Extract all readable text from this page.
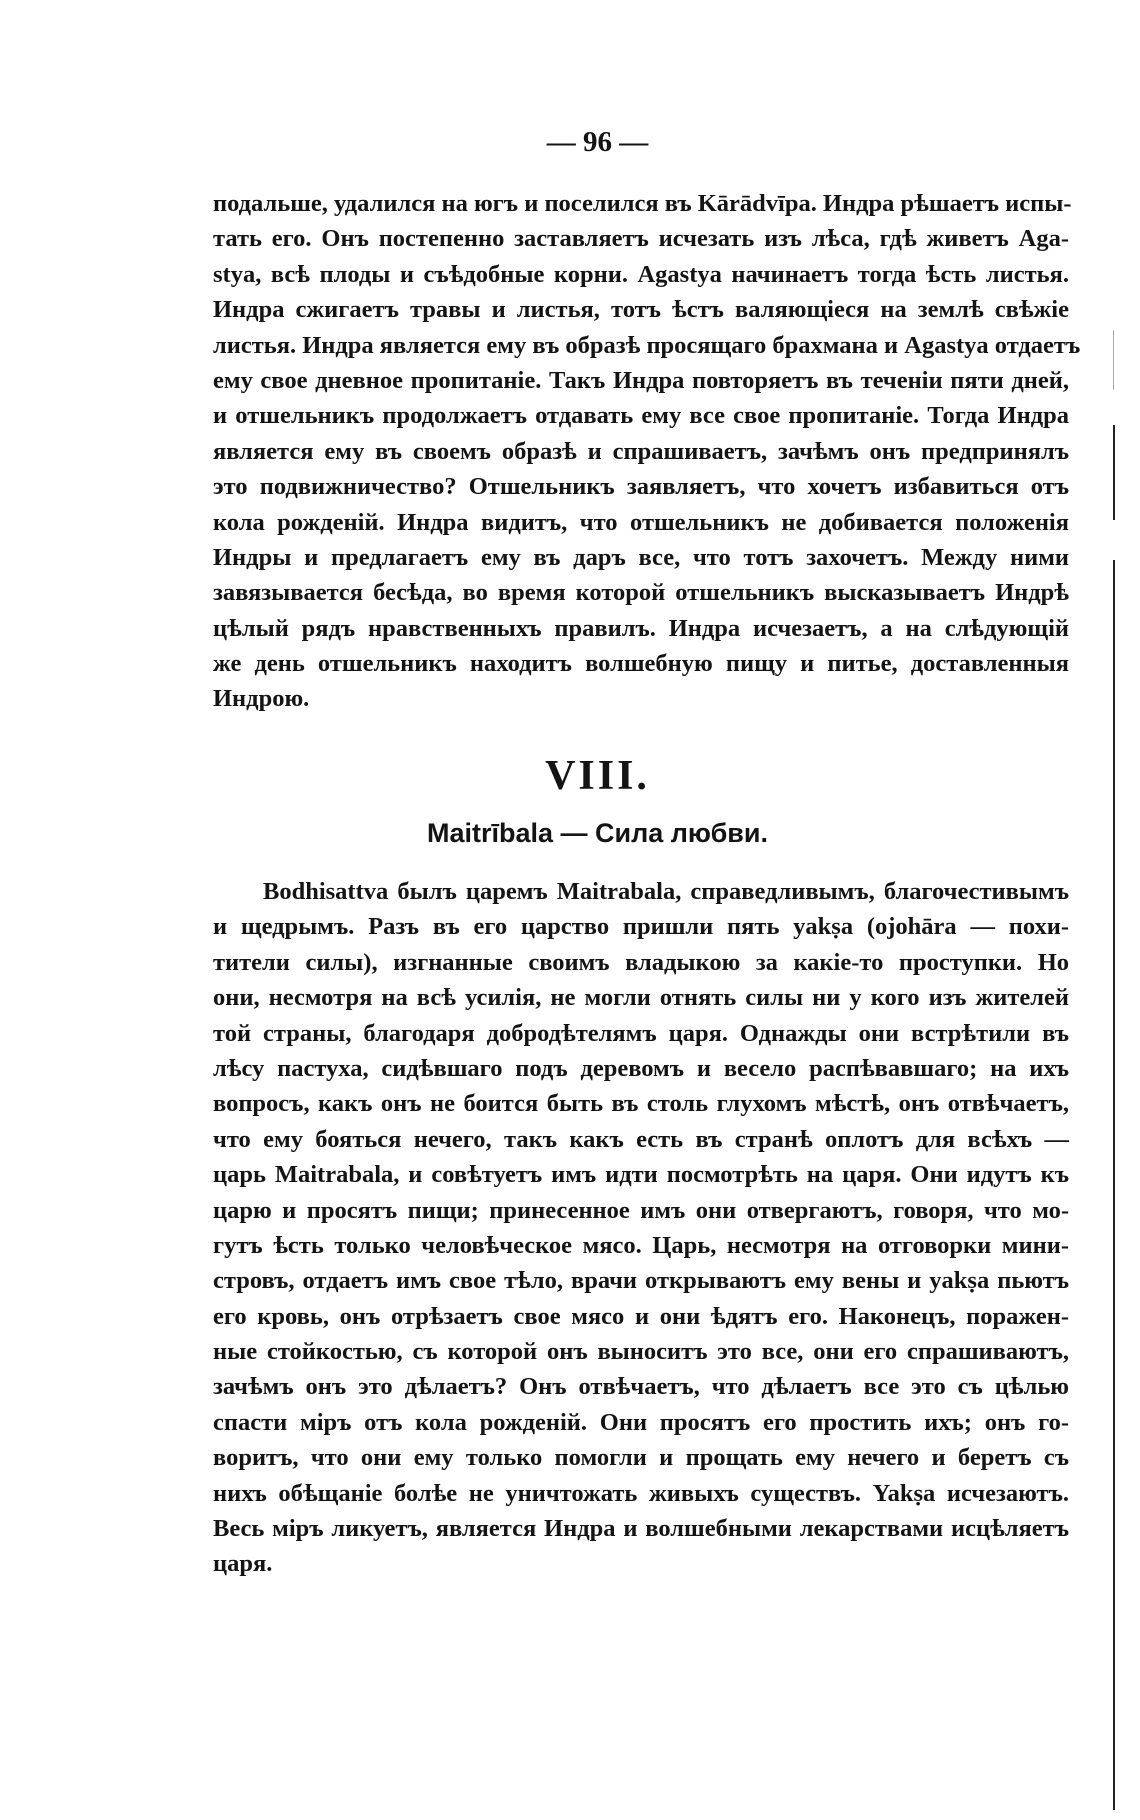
— 96 —
подальше, удалился на югъ и поселился въ Kārādvīpa. Индра рѣшаетъ испы-
тать его. Онъ постепенно заставляетъ исчезать изъ лѣса, гдѣ живетъ Aga-
stya, всѣ плоды и съѣдобные корни. Agastya начинаетъ тогда ѣсть листья.
Индра сжигаетъ травы и листья, тотъ ѣстъ валяющіеся на землѣ свѣжіе
листья. Индра является ему въ образѣ просящаго брахмана и Agastya отдаетъ
ему свое дневное пропитаніе. Такъ Индра повторяетъ въ теченіи пяти дней,
и отшельникъ продолжаетъ отдавать ему все свое пропитаніе. Тогда Индра
является ему въ своемъ образѣ и спрашиваетъ, зачѣмъ онъ предпринялъ
это подвижничество? Отшельникъ заявляетъ, что хочетъ избавиться отъ
кола рожденій. Индра видитъ, что отшельникъ не добивается положенія
Индры и предлагаетъ ему въ даръ все, что тотъ захочетъ. Между ними
завязывается бесѣда, во время которой отшельникъ высказываетъ Индрѣ
цѣлый рядъ нравственныхъ правилъ. Индра исчезаетъ, а на слѣдующій
же день отшельникъ находитъ волшебную пищу и питье, доставленныя
Индрою.
VIII.
Maitrībala — Сила любви.
Bodhisattva былъ царемъ Maitrabala, справедливымъ, благочестивымъ
и щедрымъ. Разъ въ его царство пришли пять yakṣa (ojohāra — похи-
тители силы), изгнанные своимъ владыкою за какіе-то проступки. Но
они, несмотря на всѣ усилія, не могли отнять силы ни у кого изъ жителей
той страны, благодаря добродѣтелямъ царя. Однажды они встрѣтили въ
лѣсу пастуха, сидѣвшаго подъ деревомъ и весело распѣвавшаго; на ихъ
вопросъ, какъ онъ не боится быть въ столь глухомъ мѣстѣ, онъ отвѣчаетъ,
что ему бояться нечего, такъ какъ есть въ странѣ оплотъ для всѣхъ —
царь Maitrabala, и совѣтуетъ имъ идти посмотрѣть на царя. Они идутъ къ
царю и просятъ пищи; принесенное имъ они отвергаютъ, говоря, что мо-
гутъ ѣсть только человѣческое мясо. Царь, несмотря на отговорки мини-
стровъ, отдаетъ имъ свое тѣло, врачи открываютъ ему вены и yakṣa пьютъ
его кровь, онъ отрѣзаетъ свое мясо и они ѣдятъ его. Наконецъ, поражен-
ные стойкостью, съ которой онъ выноситъ это все, они его спрашиваютъ,
зачѣмъ онъ это дѣлаетъ? Онъ отвѣчаетъ, что дѣлаетъ все это съ цѣлью
спасти міръ отъ кола рожденій. Они просятъ его простить ихъ; онъ го-
воритъ, что они ему только помогли и прощать ему нечего и беретъ съ
нихъ обѣщаніе болѣе не уничтожать живыхъ существъ. Yakṣa исчезаютъ.
Весь міръ ликуетъ, является Индра и волшебными лекарствами исцѣляетъ
царя.
